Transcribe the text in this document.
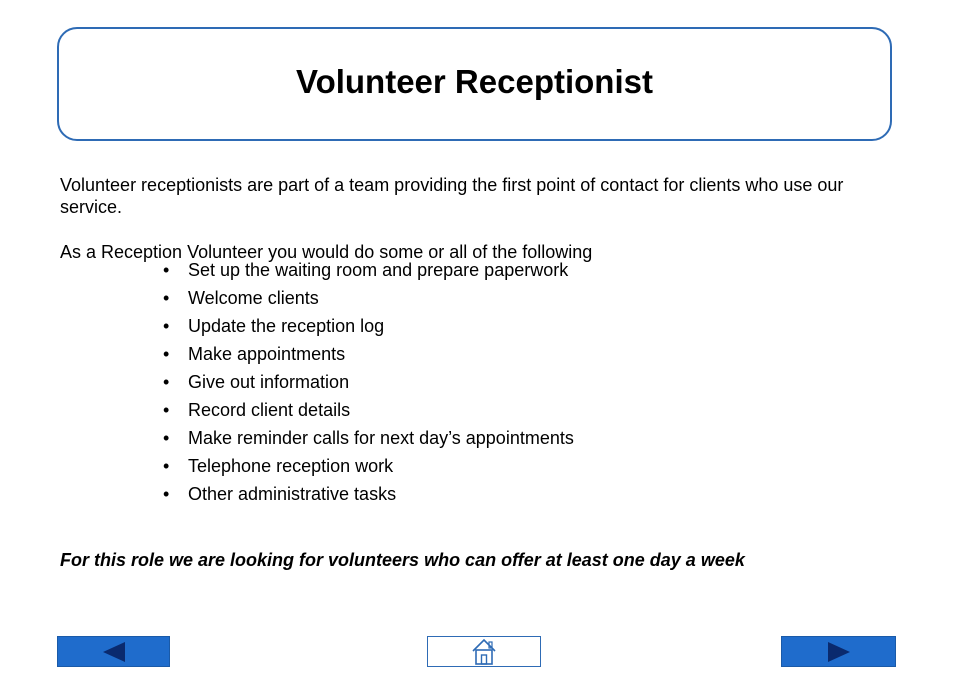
Volunteer Receptionist

Volunteer receptionists are part of a team providing the first point of contact for clients who use our service.

As a Reception Volunteer you would do some or all of the following

•	Set up the waiting room and prepare paperwork
•	Welcome clients
•	Update the reception log
•	Make appointments
•	Give out information
•	Record client details
•	Make reminder calls for next day’s appointments
•	Telephone reception work
•	Other administrative tasks
For this role we are looking for volunteers who can offer at least one day a week
